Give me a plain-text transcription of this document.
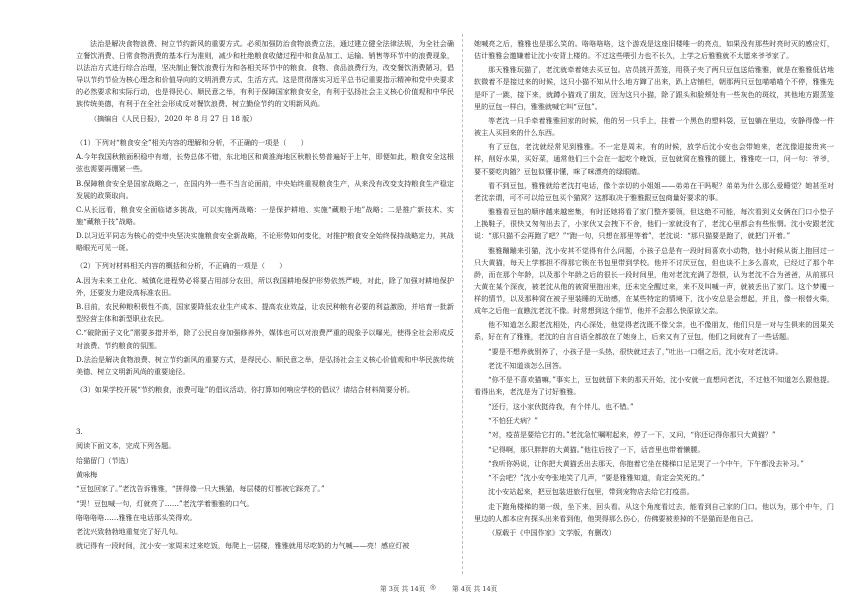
法治是解决食物浪费、树立节约新风的重要方式。必须加强防治食物浪费立法，通过建立健全法律法规，为全社会确立餐饮消费、日常食物消费的基本行为准则，减少和杜绝粮食收储过程中和食品加工、运输、销售等环节中的浪费现象，以法治方式进行综合治理，坚决制止餐饮浪费行为和各相关环节中的粮食、食物、食品浪费行为，改变餐饮消费陋习，倡导以节约节俭为核心理念和价值导向的文明消费方式、生活方式。这是贯彻落实习近平总书记重要指示精神和党中央要求的必然要求和实际行动，也是得民心、顺民意之举，有利于保障国家粮食安全，有利于弘扬社会主义核心价值观和中华民族传统美德，有利于在全社会形成反对餐饮浪费、树立勤俭节约的文明新风尚。

（摘编自《人民日报》，2020 年 8 月 27 日 18 版）

（1）下列对“粮食安全”相关内容的理解和分析，不正确的一项是（　　）

A.今年我国秋粮面积稳中有增，长势总体不错，东北地区和黄淮海地区秋粮长势普遍好于上年，即便如此，粮食安全这根弦也需要再绷紧一些。

B.保障粮食安全是国家战略之一，在国内外一些不当言论面前，中央始终重视粮食生产，从来没有改变支持粮食生产稳定发展的政策取向。

C.从长远看，粮食安全面临诸多挑战，可以实施两战略：一是保护耕地、实施“藏粮于地”战略；二是推广新技术、实施“藏粮于技”战略。

D.以习近平同志为核心的党中央坚决实施粮食安全新战略，不论形势如何变化，对推护粮食安全始终保持战略定力，其战略眼光可见一斑。

（2）下列对材料相关内容的概括和分析，不正确的一项是（　　）

A.因为未来工业化、城镇化进程势必将要占用部分农田，所以我国耕地保护形势依然严峻，对此，除了加强对耕地保护外，还要发力建设高标准农田。

B.目前，农民种粮积极性不高，国家要降低农业生产成本、提高农业效益，让农民种粮有必要的利益激励，并培育一批新型经营主体和新型职业农民。

C.“破除面子文化”需要多措并举，除了公民自身加强修养外，媒体也可以对浪费严重的现象予以曝光，使得全社会形成反对浪费、节约粮食的氛围。

D.法治是解决食物浪费、树立节约新风的重要方式，是得民心、顺民意之举，是弘扬社会主义核心价值观和中华民族传统美德、树立文明新风尚的重要途径。

（3）如果学校开展“节约粮食，浪费可耻”的倡议活动，你打算如何响应学校的倡议？请结合材料简要分析。

3.

阅读下面文本，完成下列各题。

给猫留门（节选）

黄咏梅

“豆包回家了。”老沈告诉雅雅，“拼得像一只大熊猫，每层楼的灯都被它踩亮了。”

“哭！豆包喊一句，灯就亮了……”老沈学着雅雅的口气。

咯咯咯咯……雅雅在电话那头笑得欢。

老沈兴致勃勃地重复完了好几句。

就记得有一段时间，沈小安一家周末过来吃饭，每爬上一层楼，雅雅就用尽吃奶的力气喊——亮！感应灯被

她喊亮之后，雅雅也是那么笑的。咯咯咯咯，这个游戏是这座旧楼唯一的亮点，如果没有那些时亮时灭的感应灯，估计雅雅会邀嫌着让沈小安背上楼的。不过这些喂引力也不长久，上学之后雅雅就不太愿来爷爷家了。

那天雅雅玩猫了，老沈就牵着她去买豆包。店员挑开蒸笼，用筷子夹了两只豆包送给雅雅，就是在雅雅低估地软微着不是接过来的时候，这只小猫不知从什么地方蹿了出来，趴上店铺栏，朝那两只豆包喵喵喵个不停，雅雅先是吓了一跳，接下来，就蹲小猫戏了朋友，因为这只小猫，除了跟头和脸颊处有一些灰色的斑纹，其他地方跟蒸笼里的豆包一样白，雅雅就喊它叫“豆包”。

等老沈一只手牵着雅雅回家的时候，他的另一只手上，挂着一个黑色的塑料袋，豆包躺在里边，安静得像一件被主人买回来的什么东西。

有了豆包，老沈就经常见到雅雅。不一定是周末，有的时候，放学后沈小安也会带她来，老沈像迎接贵宾一样，削好水果，买好菜，通常他们三个会在一起吃个晚饭，豆包就窝在雅雅的腿上，雅雅吃一口，问一句：爷爷，要不要吃肉随？豆包似懂非懂，咪了咪漂亮的绿眼睛。

看不到豆包，雅雅就给老沈打电话，像个亲切的小姐姐——弟弟在干吗呢？弟弟为什么那么爱睡觉？她甚至对老沈亲谓，可不可以给豆包买个猫窝？这都取决于雅雅跟豆包商量好要求的事。

雅雅看豆包的顺序越来越密集，有时还她将看了家门整齐要领，但这绝不可能，每次看到义女俩在门口小垫子上换鞋子，很快又匆匆出去了，小家伙又会拽下不舍，他们一家就没有了，老沈心里都会有些怅惘。沈小安跟老沈说：“那只猫不会再跑了吧？”“跑一句，只想在那里等着”，老沈说：“那只猫要是跑了，就把门开着。”

雅雅蹦蹦来引猫，沈小安其不觉得有什么问题，小孩子总是有一段时间喜欢小动物，他小时候从街上抱回过一只大黄猫，每天上学都担不得那它锁在书包里带到学校。他并不讨厌豆包，但也谈不上多么喜欢，已经过了那个年龄，而在那个年龄，以及那个年龄之后的很长一段时间里，他对老沈充满了怨恨，认为老沈不合为爸爸，从前那只大黄在某个深夜，被老沈从他的被窝里抱出来，还未完全醒过来，来不及叫喊一声，就被丢出了家门。这个梦魇一样的情节，以及那种窝在被子里装睡的无助感，在某些特定的情境下，沈小安总是会想起，并且，像一根替火柴，成年之后他一直瞧沈老沈不像。时常想到这个细节，他并不会那么快原谅父亲。

他不知道怎么跟老沈相处，内心深处，他觉得老沈既不像父亲，也不像朋友，他们只是一对与生俱来的因果关系，好在有了雅雅，老沈的自言自语全都放在了她身上，后来又有了豆包，他们之间就有了一些话题。

“要是不想养就别养了，小孩子是一头热，很快就过去了，”吐出一口烟之后，沈小安对老沈讲。

老沈不知道该怎么回答。

“你不是不喜欢猫嘛，”事实上，豆包就留下来的那天开始，沈小安就一直想问老沈，不过他不知道怎么跟他提。看得出来，老沈是为了讨好雅雅。

“还行，这小家伙挺待我，有个伴儿，也不错。”

“不怕狂犬病？”

“对，疫苗是要给它打的。”老沈急忙嘱咐起来，停了一下，又问，“你还记得你那只大黄猫？”

“记得啊，那只胖胖的大黄猫。”他往后按了一下，话音里也带着懒腰。

“我听你妈说，让你把大黄猫丢出去那天，你抱着它坐在楼梯口足足哭了一个中午，下午都没去补习。”

“不会吧？”沈小安夸张地笑了几声，“要是雅雅知道，肯定会笑死的。”

沈小安站起来，把豆包装进旅行包里，带到宠物店去给它打疫苗。

走下跑角楼梯的第一级，坐下来，回头看。从这个角度看过去，能看到自己家的门口。他以为，那个中午，门里边的人都本应有探头出来看到他，他哭得那么伤心，仿佛要被差掉的不是猫而是他自己。

（原载于《中国作家》文学版，有删改）

第 3页 共 14页 ◎ 第 4页 共 14页
